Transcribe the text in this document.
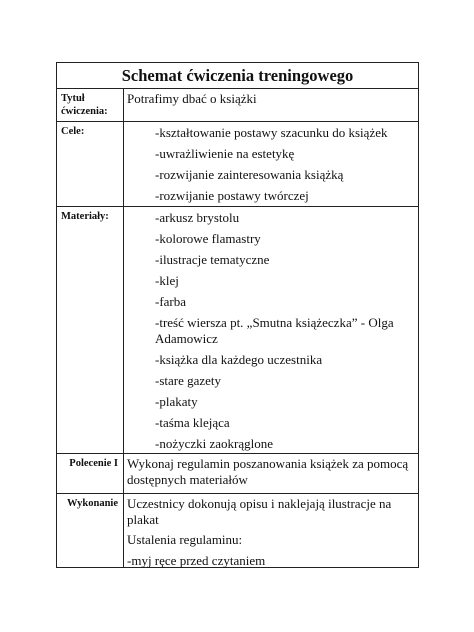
Schemat ćwiczenia treningowego
Tytuł ćwiczenia:
Potrafimy dbać o książki
Cele:	-kształtowanie postawy szacunku do książek
-uwrażliwienie na estetykę
-rozwijanie zainteresowania książką
-rozwijanie postawy twórczej
Materiały:	-arkusz brystolu
-kolorowe flamastry
-ilustracje tematyczne
-klej
-farba
-treść wiersza pt. „Smutna książeczka” - Olga Adamowicz
-książka dla każdego uczestnika
-stare gazety
-plakaty
-taśma klejąca
-nożyczki zaokrąglone
Polecenie I Wykonaj regulamin poszanowania książek za pomocą dostępnych materiałów
Wykonanie Uczestnicy dokonują opisu i naklejają ilustracje na plakat

Ustalenia regulaminu:

-myj ręce przed czytaniem
